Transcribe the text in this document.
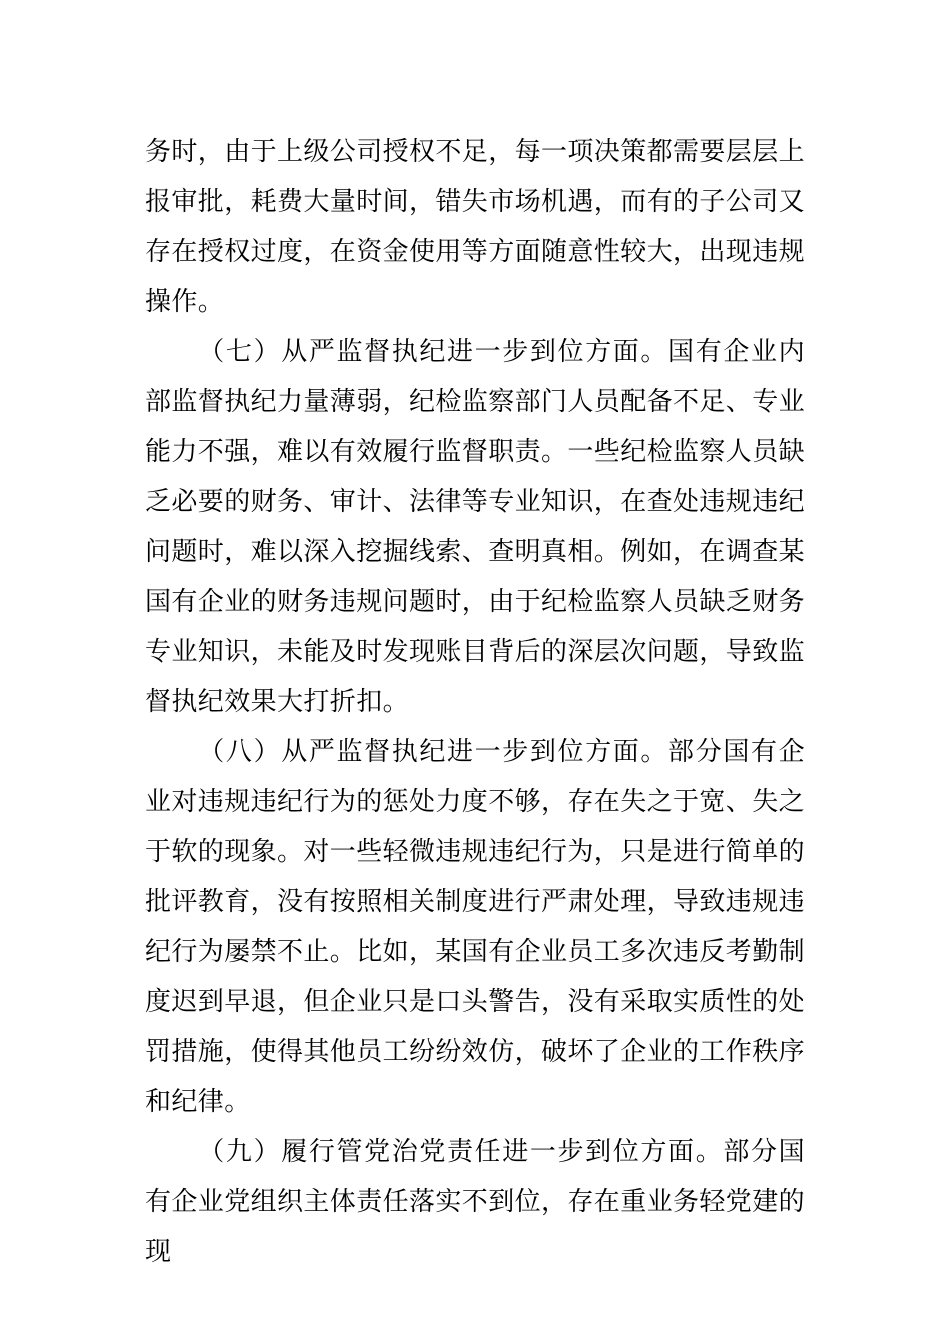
务时，由于上级公司授权不足，每一项决策都需要层层上报审批，耗费大量时间，错失市场机遇，而有的子公司又存在授权过度，在资金使用等方面随意性较大，出现违规操作。

（七）从严监督执纪进一步到位方面。国有企业内部监督执纪力量薄弱，纪检监察部门人员配备不足、专业能力不强，难以有效履行监督职责。一些纪检监察人员缺乏必要的财务、审计、法律等专业知识，在查处违规违纪问题时，难以深入挖掘线索、查明真相。例如，在调查某国有企业的财务违规问题时，由于纪检监察人员缺乏财务专业知识，未能及时发现账目背后的深层次问题，导致监督执纪效果大打折扣。

（八）从严监督执纪进一步到位方面。部分国有企业对违规违纪行为的惩处力度不够，存在失之于宽、失之于软的现象。对一些轻微违规违纪行为，只是进行简单的批评教育，没有按照相关制度进行严肃处理，导致违规违纪行为屡禁不止。比如，某国有企业员工多次违反考勤制度迟到早退，但企业只是口头警告，没有采取实质性的处罚措施，使得其他员工纷纷效仿，破坏了企业的工作秩序和纪律。

（九）履行管党治党责任进一步到位方面。部分国有企业党组织主体责任落实不到位，存在重业务轻党建的现
